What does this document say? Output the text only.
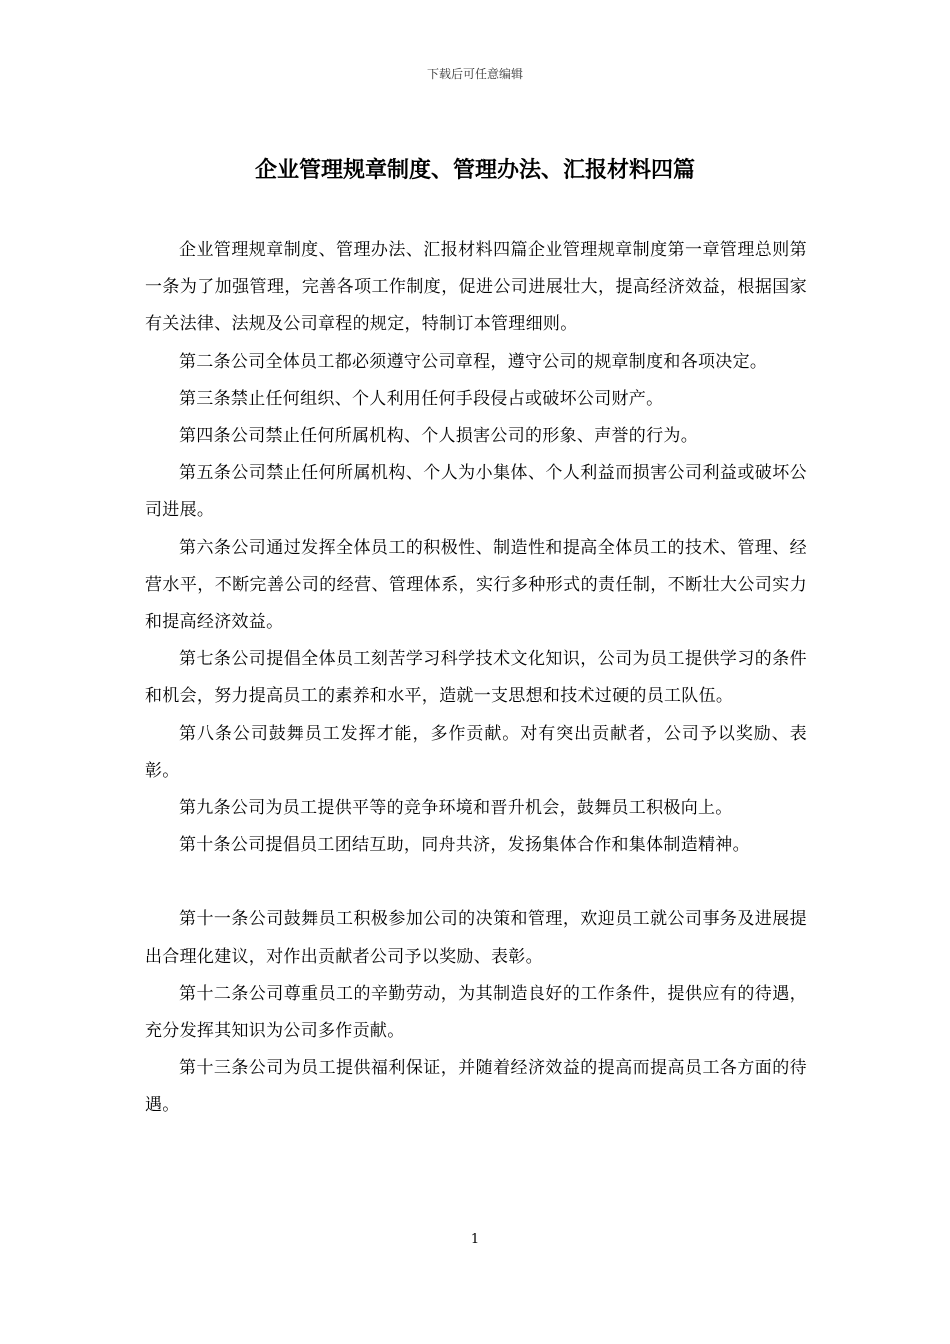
下载后可任意编辑
企业管理规章制度、管理办法、汇报材料四篇

企业管理规章制度、管理办法、汇报材料四篇企业管理规章制度第一章管理总则第一条为了加强管理，完善各项工作制度，促进公司进展壮大，提高经济效益，根据国家有关法律、法规及公司章程的规定，特制订本管理细则。

第二条公司全体员工都必须遵守公司章程，遵守公司的规章制度和各项决定。

第三条禁止任何组织、个人利用任何手段侵占或破坏公司财产。

第四条公司禁止任何所属机构、个人损害公司的形象、声誉的行为。

第五条公司禁止任何所属机构、个人为小集体、个人利益而损害公司利益或破坏公司进展。

第六条公司通过发挥全体员工的积极性、制造性和提高全体员工的技术、管理、经营水平，不断完善公司的经营、管理体系，实行多种形式的责任制，不断壮大公司实力和提高经济效益。

第七条公司提倡全体员工刻苦学习科学技术文化知识，公司为员工提供学习的条件和机会，努力提高员工的素养和水平，造就一支思想和技术过硬的员工队伍。

第八条公司鼓舞员工发挥才能，多作贡献。对有突出贡献者，公司予以奖励、表彰。

第九条公司为员工提供平等的竞争环境和晋升机会，鼓舞员工积极向上。

第十条公司提倡员工团结互助，同舟共济，发扬集体合作和集体制造精神。

第十一条公司鼓舞员工积极参加公司的决策和管理，欢迎员工就公司事务及进展提出合理化建议，对作出贡献者公司予以奖励、表彰。

第十二条公司尊重员工的辛勤劳动，为其制造良好的工作条件，提供应有的待遇，充分发挥其知识为公司多作贡献。

第十三条公司为员工提供福利保证，并随着经济效益的提高而提高员工各方面的待遇。

1
